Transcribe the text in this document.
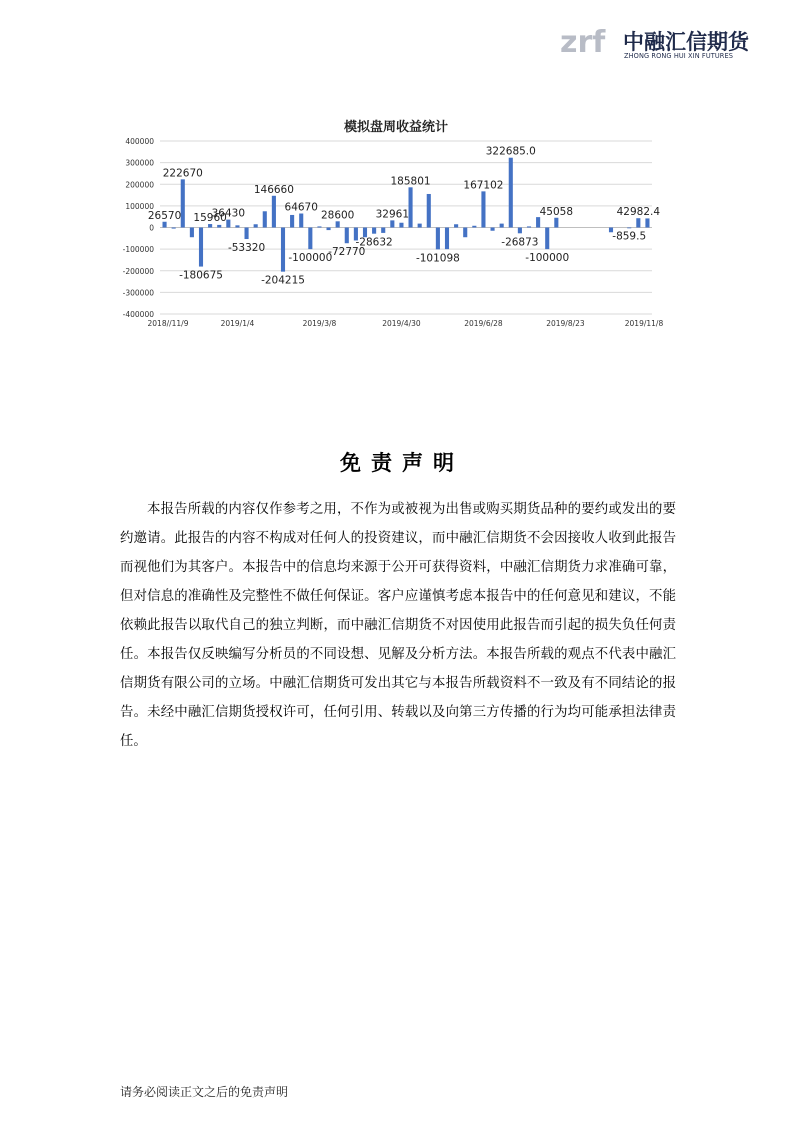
zrf 中融汇信期货
ZHONG RONG HUI XIN FUTURES
模拟盘周收益统计
400000
300000
200000
100000
0
-100000
-200000
-300000
-400000
2018//11/9	2019/1/4	2019/3/8	2019/4/30	2019/6/28	2019/8/23	2019/11/8
26570
222670
-180675
15960
36430
-53320
146660
-204215
64670
-100000
28600
-72770
-28632
32961
185801
-101098
167102
322685.0
-26873
-100000
45058
-859.5
42982.4
免责声明
本报告所载的内容仅作参考之用，不作为或被视为出售或购买期货品种的要约或发出的要约邀请。此报告的内容不构成对任何人的投资建议，而中融汇信期货不会因接收人收到此报告而视他们为其客户。本报告中的信息均来源于公开可获得资料，中融汇信期货力求准确可靠，但对信息的准确性及完整性不做任何保证。客户应谨慎考虑本报告中的任何意见和建议，不能依赖此报告以取代自己的独立判断，而中融汇信期货不对因使用此报告而引起的损失负任何责任。本报告仅反映编写分析员的不同设想、见解及分析方法。本报告所载的观点不代表中融汇信期货有限公司的立场。中融汇信期货可发出其它与本报告所载资料不一致及有不同结论的报告。未经中融汇信期货授权许可，任何引用、转载以及向第三方传播的行为均可能承担法律责任。
请务必阅读正文之后的免责声明
